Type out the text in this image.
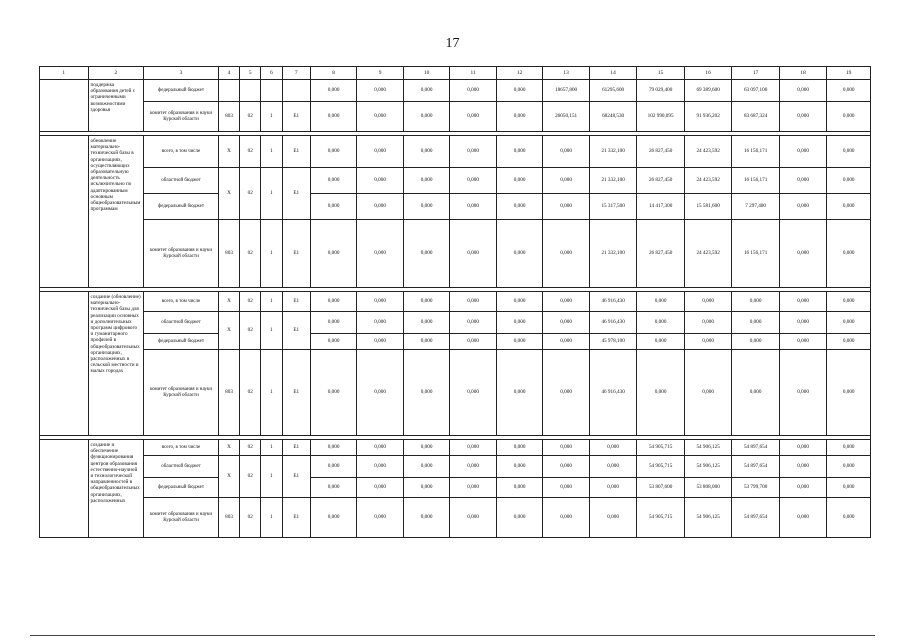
17
1	2	3	4	5	6	7	8	9	10	11	12	13	14	15	16	17	18	19
	поддержка образования детей с ограниченными возможностями здоровья	федеральный бюджет					0,000	0,000	0,000	0,000	0,000	18657,800	61295,600	79 029,400	69 389,600	63 097,100	0,000	0,000
		комитет образования и науки Курской области	803	02	1	E1	0,000	0,000	0,000	0,000	0,000	26050,151	68248,530	102 990,095	91 936,202	83 687,324	0,000	0,000

	обновление материально-технической базы в организациях, осуществляющих образовательную деятельность исключительно по адаптированным основным общеобразовательным программам	всего, в том числе	X	02	1	E1	0,000	0,000	0,000	0,000	0,000	0,000	21 332,100	26 827,450	24 423,592	16 156,171	0,000	0,000
		областной бюджет	X	02	1	E1	0,000	0,000	0,000	0,000	0,000	0,000	21 332,100	26 827,450	24 423,592	16 156,171	0,000	0,000
		федеральный бюджет					0,000	0,000	0,000	0,000	0,000	0,000	15 317,500	14 417,300	15 581,600	7 297,400	0,000	0,000
		комитет образования и науки Курской области	803	02	1	E1	0,000	0,000	0,000	0,000	0,000	0,000	21 332,100	26 827,450	24 423,592	16 156,171	0,000	0,000

	создание (обновление) материально-технической базы для реализации основных и дополнительных программ цифрового и гуманитарного профилей в общеобразовательных организациях, расположенных в сельской местности и малых городах	всего, в том числе	X	02	1	E1	0,000	0,000	0,000	0,000	0,000	0,000	46 916,430	0,000	0,000	0,000	0,000	0,000
		областной бюджет	X	02	1	E1	0,000	0,000	0,000	0,000	0,000	0,000	46 916,430	0,000	0,000	0,000	0,000	0,000
		федеральный бюджет					0,000	0,000	0,000	0,000	0,000	0,000	45 978,100	0,000	0,000	0,000	0,000	0,000
		комитет образования и науки Курской области	803	02	1	E1	0,000	0,000	0,000	0,000	0,000	0,000	46 916,430	0,000	0,000	0,000	0,000	0,000

	создание и обеспечение функционирования центров образования естественно-научной и технологической направленностей в общеобразовательных организациях, расположенных	всего, в том числе	X	02	1	E1	0,000	0,000	0,000	0,000	0,000	0,000	0,000	54 905,715	54 906,125	54 897,654	0,000	0,000
		областной бюджет	X	02	1	E1	0,000	0,000	0,000	0,000	0,000	0,000	0,000	54 905,715	54 906,125	54 897,654	0,000	0,000
		федеральный бюджет					0,000	0,000	0,000	0,000	0,000	0,000	0,000	53 807,600	53 808,000	53 799,700	0,000	0,000
		комитет образования и науки Курской области	803	02	1	E1	0,000	0,000	0,000	0,000	0,000	0,000	0,000	54 905,715	54 906,125	54 897,654	0,000	0,000
